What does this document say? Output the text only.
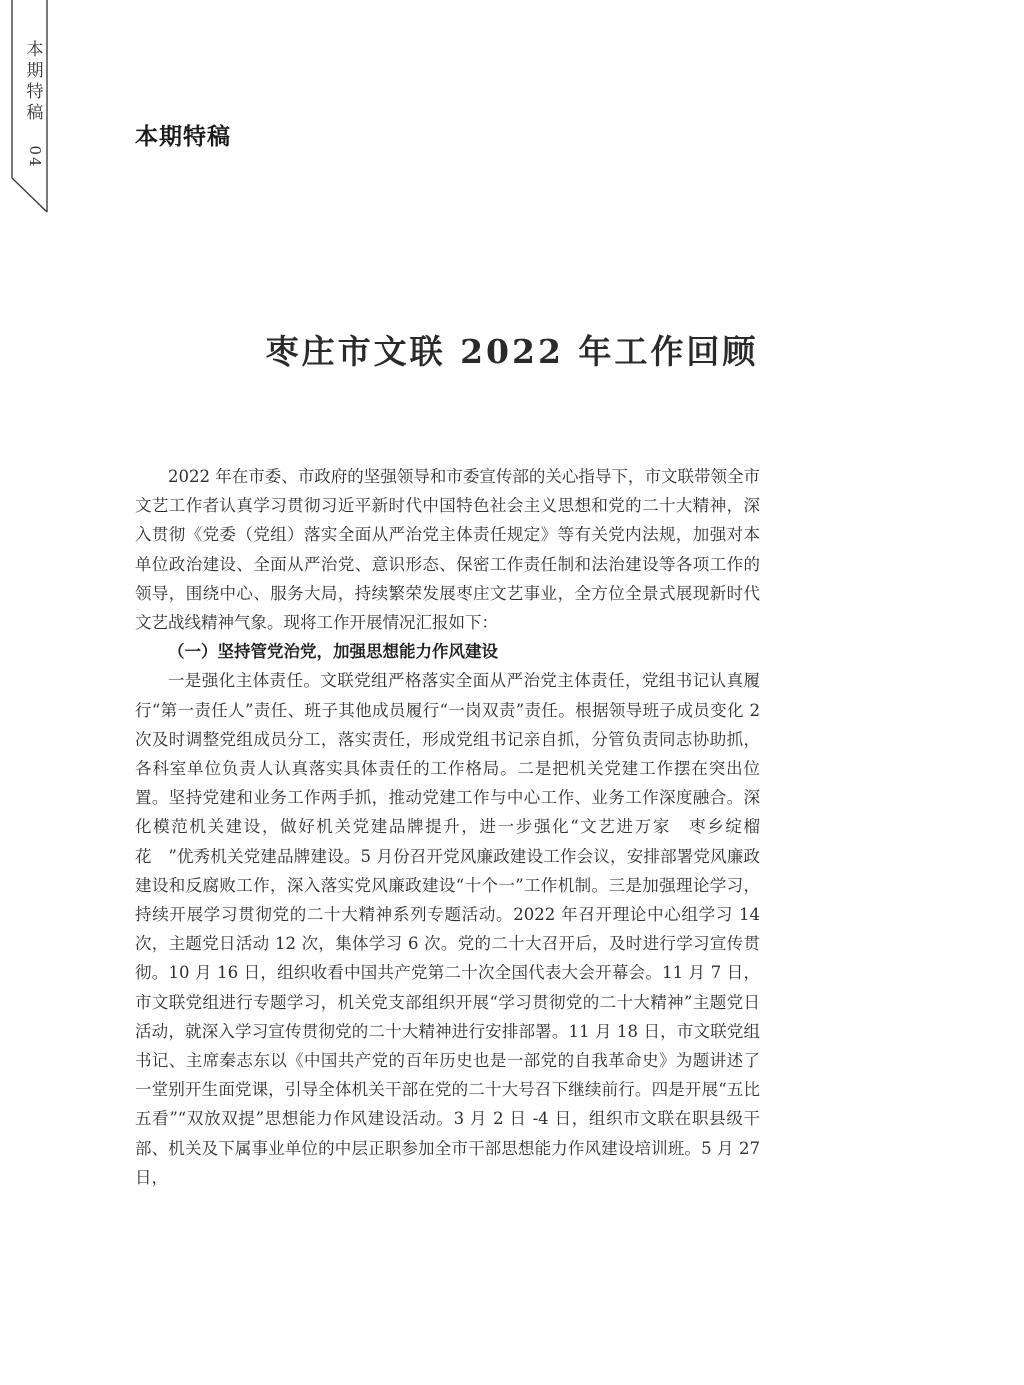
本
期
特
稿
04
本期特稿
枣庄市文联 2022 年工作回顾

2022 年在市委、市政府的坚强领导和市委宣传部的关心指导下，市文联带领全市文艺工作者认真学习贯彻习近平新时代中国特色社会主义思想和党的二十大精神，深入贯彻《党委（党组）落实全面从严治党主体责任规定》等有关党内法规，加强对本单位政治建设、全面从严治党、意识形态、保密工作责任制和法治建设等各项工作的领导，围绕中心、服务大局，持续繁荣发展枣庄文艺事业，全方位全景式展现新时代文艺战线精神气象。现将工作开展情况汇报如下：

（一）坚持管党治党，加强思想能力作风建设

一是强化主体责任。文联党组严格落实全面从严治党主体责任，党组书记认真履行“第一责任人”责任、班子其他成员履行“一岗双责”责任。根据领导班子成员变化 2 次及时调整党组成员分工，落实责任，形成党组书记亲自抓，分管负责同志协助抓，各科室单位负责人认真落实具体责任的工作格局。二是把机关党建工作摆在突出位置。坚持党建和业务工作两手抓，推动党建工作与中心工作、业务工作深度融合。深化模范机关建设，做好机关党建品牌提升，进一步强化“文艺进万家　枣乡绽榴花　”优秀机关党建品牌建设。5 月份召开党风廉政建设工作会议，安排部署党风廉政建设和反腐败工作，深入落实党风廉政建设“十个一”工作机制。三是加强理论学习，持续开展学习贯彻党的二十大精神系列专题活动。2022 年召开理论中心组学习 14 次，主题党日活动 12 次，集体学习 6 次。党的二十大召开后，及时进行学习宣传贯彻。10 月 16 日，组织收看中国共产党第二十次全国代表大会开幕会。11 月 7 日，市文联党组进行专题学习，机关党支部组织开展“学习贯彻党的二十大精神”主题党日活动，就深入学习宣传贯彻党的二十大精神进行安排部署。11 月 18 日，市文联党组书记、主席秦志东以《中国共产党的百年历史也是一部党的自我革命史》为题讲述了一堂别开生面党课，引导全体机关干部在党的二十大号召下继续前行。四是开展“五比五看”“双放双提”思想能力作风建设活动。3 月 2 日 -4 日，组织市文联在职县级干部、机关及下属事业单位的中层正职参加全市干部思想能力作风建设培训班。5 月 27 日，
